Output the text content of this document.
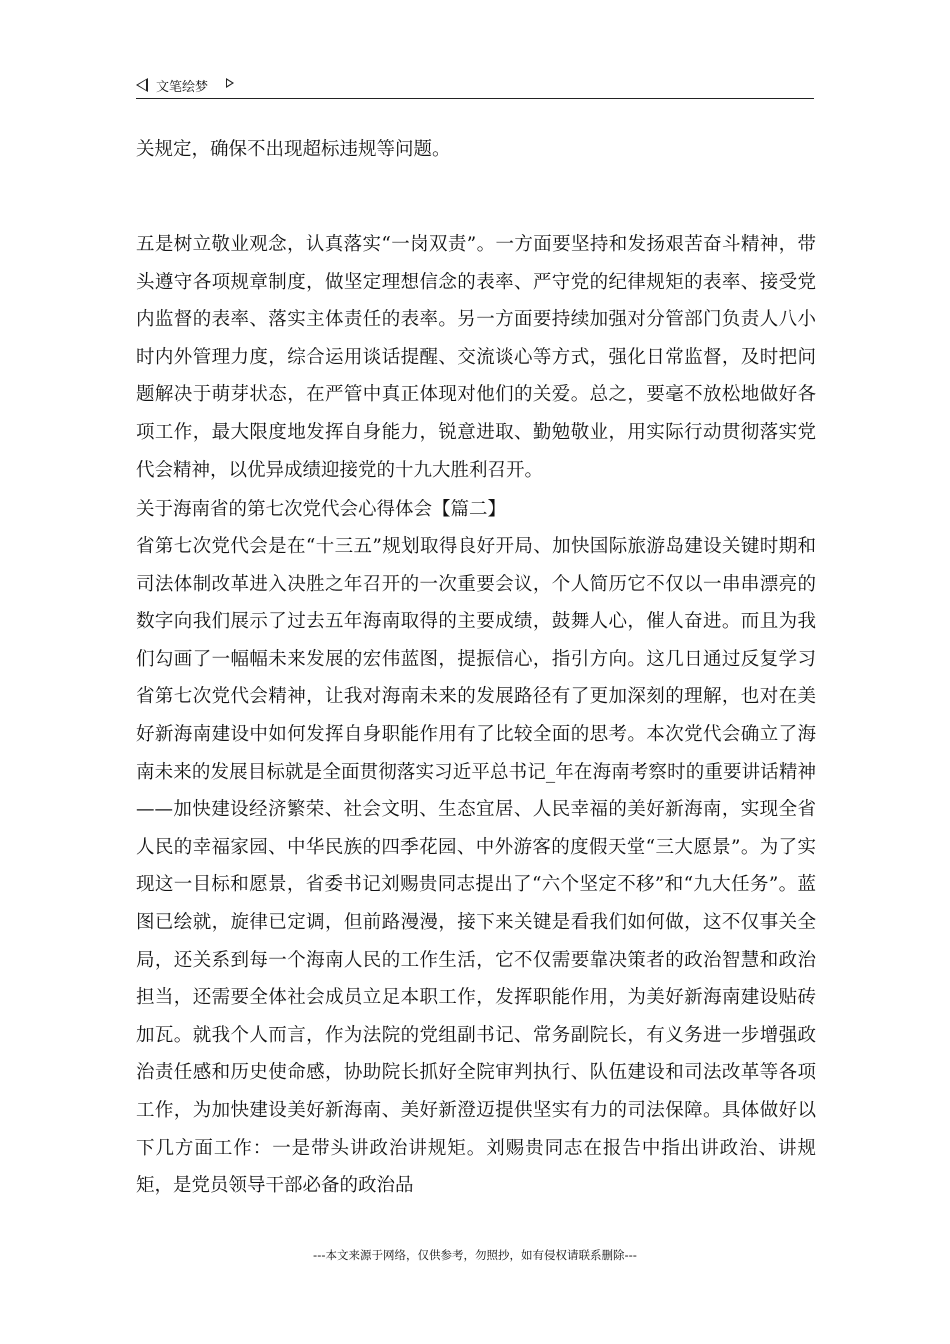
文笔绘梦
关规定，确保不出现超标违规等问题。
五是树立敬业观念，认真落实“一岗双责”。一方面要坚持和发扬艰苦奋斗精神，带头遵守各项规章制度，做坚定理想信念的表率、严守党的纪律规矩的表率、接受党内监督的表率、落实主体责任的表率。另一方面要持续加强对分管部门负责人八小时内外管理力度，综合运用谈话提醒、交流谈心等方式，强化日常监督，及时把问题解决于萌芽状态，在严管中真正体现对他们的关爱。总之，要毫不放松地做好各项工作，最大限度地发挥自身能力，锐意进取、勤勉敬业，用实际行动贯彻落实党代会精神，以优异成绩迎接党的十九大胜利召开。
关于海南省的第七次党代会心得体会【篇二】
省第七次党代会是在“十三五”规划取得良好开局、加快国际旅游岛建设关键时期和司法体制改革进入决胜之年召开的一次重要会议，个人简历它不仅以一串串漂亮的数字向我们展示了过去五年海南取得的主要成绩，鼓舞人心，催人奋进。而且为我们勾画了一幅幅未来发展的宏伟蓝图，提振信心，指引方向。这几日通过反复学习省第七次党代会精神，让我对海南未来的发展路径有了更加深刻的理解，也对在美好新海南建设中如何发挥自身职能作用有了比较全面的思考。本次党代会确立了海南未来的发展目标就是全面贯彻落实习近平总书记_年在海南考察时的重要讲话精神——加快建设经济繁荣、社会文明、生态宜居、人民幸福的美好新海南，实现全省人民的幸福家园、中华民族的四季花园、中外游客的度假天堂“三大愿景”。为了实现这一目标和愿景，省委书记刘赐贵同志提出了“六个坚定不移”和“九大任务”。蓝图已绘就，旋律已定调，但前路漫漫，接下来关键是看我们如何做，这不仅事关全局，还关系到每一个海南人民的工作生活，它不仅需要靠决策者的政治智慧和政治担当，还需要全体社会成员立足本职工作，发挥职能作用，为美好新海南建设贴砖加瓦。就我个人而言，作为法院的党组副书记、常务副院长，有义务进一步增强政治责任感和历史使命感，协助院长抓好全院审判执行、队伍建设和司法改革等各项工作，为加快建设美好新海南、美好新澄迈提供坚实有力的司法保障。具体做好以下几方面工作：一是带头讲政治讲规矩。刘赐贵同志在报告中指出讲政治、讲规矩，是党员领导干部必备的政治品
---本文来源于网络，仅供参考，勿照抄，如有侵权请联系删除---
